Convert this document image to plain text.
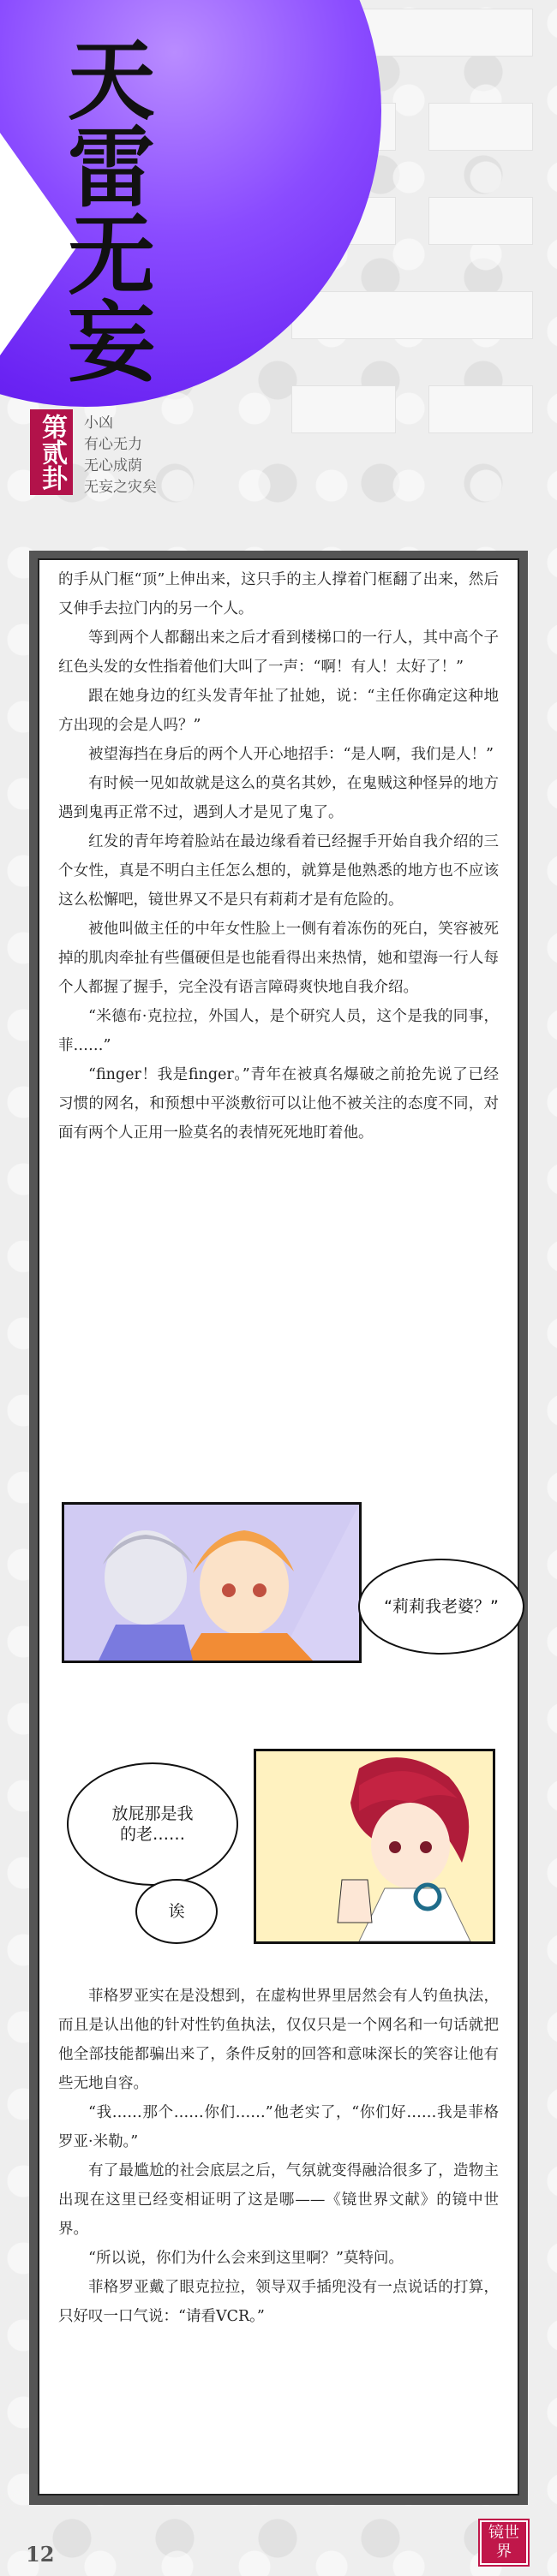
天雷无妄
第贰卦	小凶
有心无力
无心成荫
无妄之灾矣

的手从门框“顶”上伸出来，这只手的主人撑着门框翻了出来，然后又伸手去拉门内的另一个人。

等到两个人都翻出来之后才看到楼梯口的一行人，其中高个子红色头发的女性指着他们大叫了一声：“啊！有人！太好了！”

跟在她身边的红头发青年扯了扯她，说：“主任你确定这种地方出现的会是人吗？”

被望海挡在身后的两个人开心地招手：“是人啊，我们是人！”

有时候一见如故就是这么的莫名其妙，在鬼贼这种怪异的地方遇到鬼再正常不过，遇到人才是见了鬼了。

红发的青年垮着脸站在最边缘看着已经握手开始自我介绍的三个女性，真是不明白主任怎么想的，就算是他熟悉的地方也不应该这么松懈吧，镜世界又不是只有莉莉才是有危险的。

被他叫做主任的中年女性脸上一侧有着冻伤的死白，笑容被死掉的肌肉牵扯有些僵硬但是也能看得出来热情，她和望海一行人每个人都握了握手，完全没有语言障碍爽快地自我介绍。

“米德布·克拉拉，外国人，是个研究人员，这个是我的同事，菲……”

“finger！我是finger。”青年在被真名爆破之前抢先说了已经习惯的网名，和预想中平淡敷衍可以让他不被关注的态度不同，对面有两个人正用一脸莫名的表情死死地盯着他。

“莉莉我老婆？”
放屁那是我
的老……
诶

菲格罗亚实在是没想到，在虚构世界里居然会有人钓鱼执法，而且是认出他的针对性钓鱼执法，仅仅只是一个网名和一句话就把他全部技能都骗出来了，条件反射的回答和意味深长的笑容让他有些无地自容。

“我……那个……你们……”他老实了，“你们好……我是菲格罗亚·米勒。”

有了最尴尬的社会底层之后，气氛就变得融洽很多了，造物主出现在这里已经变相证明了这是哪——《镜世界文献》的镜中世界。

“所以说，你们为什么会来到这里啊？”莫特问。

菲格罗亚戴了眼克拉拉，领导双手插兜没有一点说话的打算，只好叹一口气说：“请看VCR。”

12
镜世界
